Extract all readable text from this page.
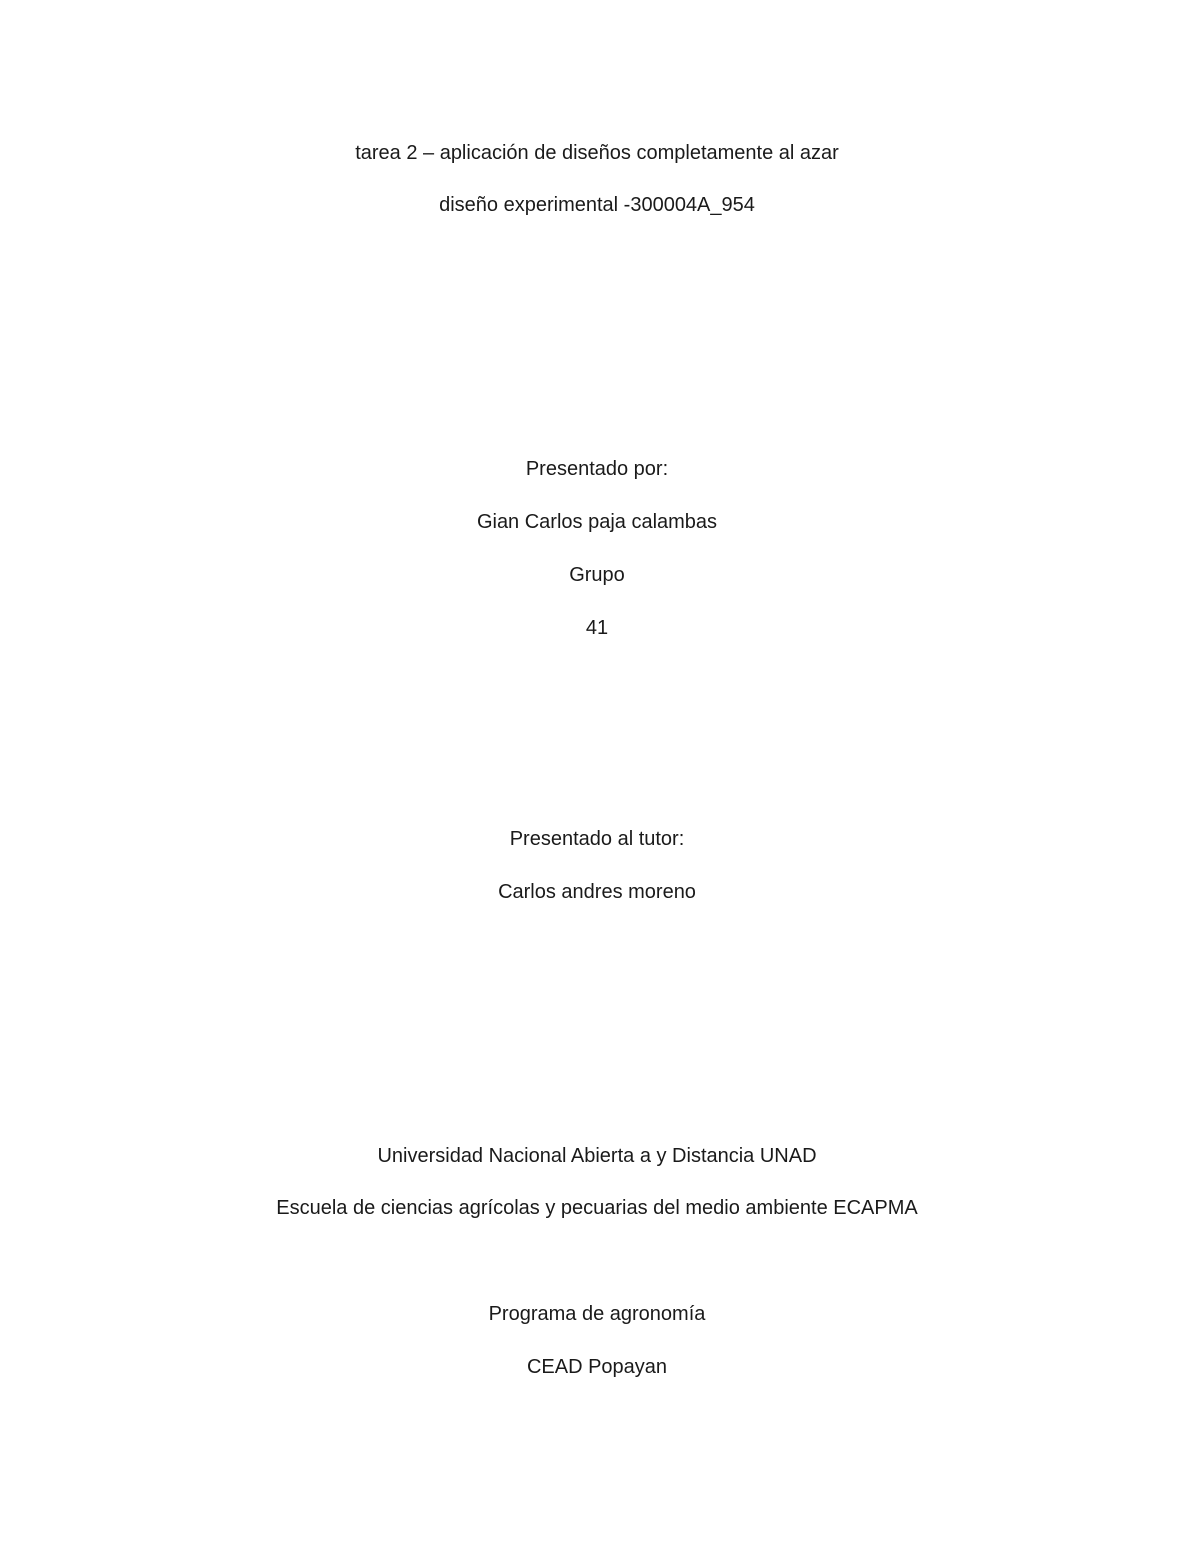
tarea 2 – aplicación de diseños completamente al azar
diseño experimental -300004A_954
Presentado por:
Gian Carlos paja calambas
Grupo
41
Presentado al tutor:
Carlos andres moreno
Universidad Nacional Abierta a y Distancia UNAD
Escuela de ciencias agrícolas y pecuarias del medio ambiente ECAPMA
Programa de agronomía
CEAD Popayan
